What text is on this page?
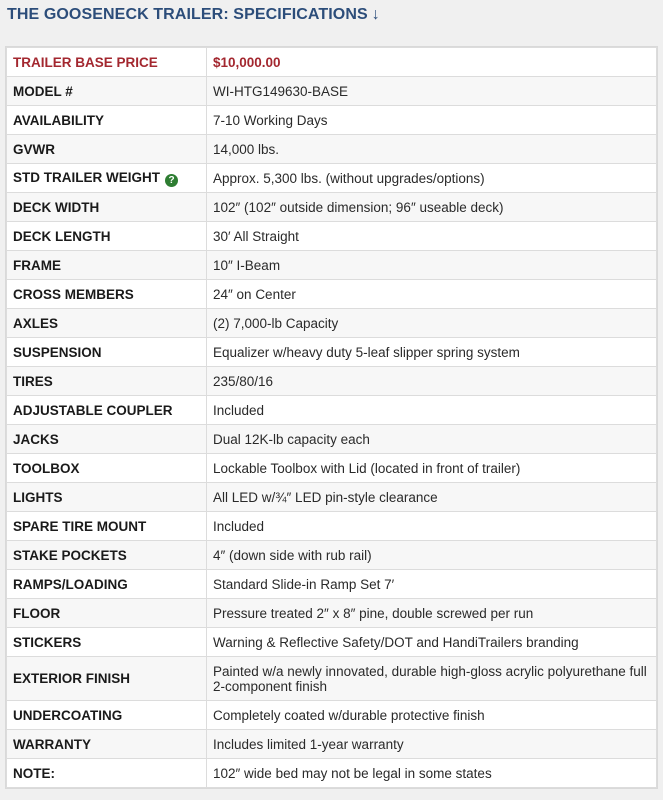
THE GOOSENECK TRAILER: SPECIFICATIONS ↓
TRAILER BASE PRICE	$10,000.00
MODEL #	WI-HTG149630-BASE
AVAILABILITY	7-10 Working Days
GVWR	14,000 lbs.
STD TRAILER WEIGHT ?	Approx. 5,300 lbs. (without upgrades/options)
DECK WIDTH	102″ (102″ outside dimension; 96″ useable deck)
DECK LENGTH	30′ All Straight
FRAME	10″ I-Beam
CROSS MEMBERS	24″ on Center
AXLES	(2) 7,000-lb Capacity
SUSPENSION	Equalizer w/heavy duty 5-leaf slipper spring system
TIRES	235/80/16
ADJUSTABLE COUPLER	Included
JACKS	Dual 12K-lb capacity each
TOOLBOX	Lockable Toolbox with Lid (located in front of trailer)
LIGHTS	All LED w/¾″ LED pin-style clearance
SPARE TIRE MOUNT	Included
STAKE POCKETS	4″ (down side with rub rail)
RAMPS/LOADING	Standard Slide-in Ramp Set 7′
FLOOR	Pressure treated 2″ x 8″ pine, double screwed per run
STICKERS	Warning & Reflective Safety/DOT and HandiTrailers branding
EXTERIOR FINISH	Painted w/a newly innovated, durable high-gloss acrylic polyurethane full 2-component finish
UNDERCOATING	Completely coated w/durable protective finish
WARRANTY	Includes limited 1-year warranty
NOTE:	102″ wide bed may not be legal in some states
